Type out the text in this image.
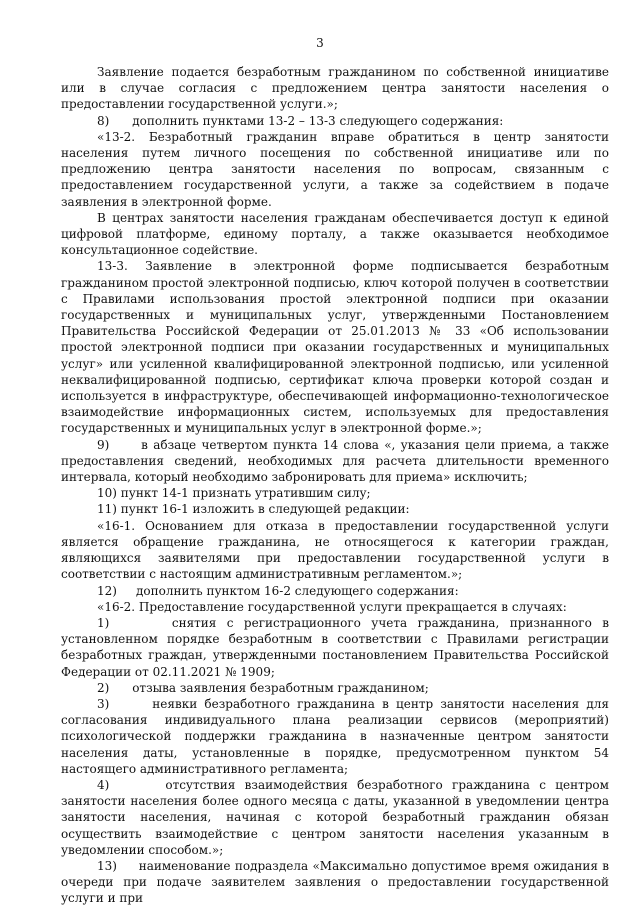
3

Заявление подается безработным гражданином по собственной инициативе или в случае согласия с предложением центра занятости населения о предоставлении государственной услуги.»;

8)      дополнить пунктами 13-2 – 13-3 следующего содержания:

«13-2. Безработный гражданин вправе обратиться в центр занятости населения путем личного посещения по собственной инициативе или по предложению центра занятости населения по вопросам, связанным с предоставлением государственной услуги, а также за содействием в подаче заявления в электронной форме.

В центрах занятости населения гражданам обеспечивается доступ к единой цифровой платформе, единому порталу, а также оказывается необходимое консультационное содействие.

13-3. Заявление в электронной форме подписывается безработным гражданином простой электронной подписью, ключ которой получен в соответствии с Правилами использования простой электронной подписи при оказании государственных и муниципальных услуг, утвержденными Постановлением Правительства Российской Федерации от 25.01.2013 № 33 «Об использовании простой электронной подписи при оказании государственных и муниципальных услуг» или усиленной квалифицированной электронной подписью, или усиленной неквалифицированной подписью, сертификат ключа проверки которой создан и используется в инфраструктуре, обеспечивающей информационно-технологическое взаимодействие информационных систем, используемых для предоставления государственных и муниципальных услуг в электронной форме.»;

9)      в абзаце четвертом пункта 14 слова «, указания цели приема, а также предоставления сведений, необходимых для расчета длительности временного интервала, который необходимо забронировать для приема» исключить;

10) пункт 14-1 признать утратившим силу;

11) пункт 16-1 изложить в следующей редакции:

«16-1. Основанием для отказа в предоставлении государственной услуги является обращение гражданина, не относящегося к категории граждан, являющихся заявителями при предоставлении государственной услуги в соответствии с настоящим административным регламентом.»;

12)     дополнить пунктом 16-2 следующего содержания:

«16-2. Предоставление государственной услуги прекращается в случаях:

1)      снятия с регистрационного учета гражданина, признанного в установленном порядке безработным в соответствии с Правилами регистрации безработных граждан, утвержденными постановлением Правительства Российской Федерации от 02.11.2021 № 1909;

2)      отзыва заявления безработным гражданином;

3)      неявки безработного гражданина в центр занятости населения для согласования индивидуального плана реализации сервисов (мероприятий) психологической поддержки гражданина в назначенные центром занятости населения даты, установленные в порядке, предусмотренном пунктом 54 настоящего административного регламента;

4)      отсутствия взаимодействия безработного гражданина с центром занятости населения более одного месяца с даты, указанной в уведомлении центра занятости населения, начиная с которой безработный гражданин обязан осуществить взаимодействие с центром занятости населения указанным в уведомлении способом.»;

13)     наименование подраздела «Максимально допустимое время ожидания в очереди при подаче заявителем заявления о предоставлении государственной услуги и при
